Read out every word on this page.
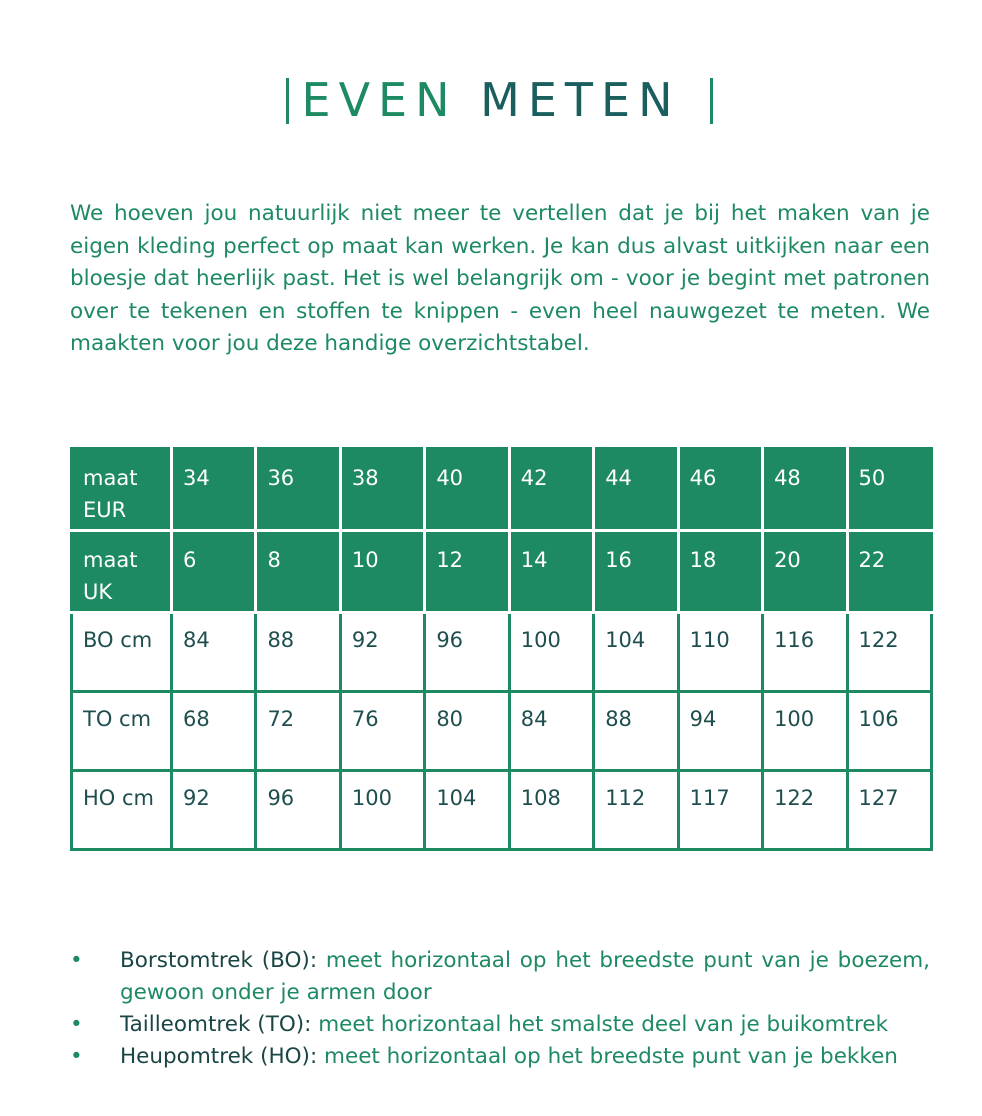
EVEN METEN

We hoeven jou natuurlijk niet meer te vertellen dat je bij het maken van je eigen kleding perfect op maat kan werken. Je kan dus alvast uitkijken naar een bloesje dat heerlijk past. Het is wel belangrijk om - voor je begint met patronen over te tekenen en stoffen te knippen - even heel nauwgezet te meten. We maakten voor jou deze handige overzichtstabel.

maat EUR	34	36	38	40	42	44	46	48	50
maat UK	6	8	10	12	14	16	18	20	22
BO cm	84	88	92	96	100	104	110	116	122
TO cm	68	72	76	80	84	88	94	100	106
HO cm	92	96	100	104	108	112	117	122	127
• Borstomtrek (BO): meet horizontaal op het breedste punt van je boezem, gewoon onder je armen door
• Tailleomtrek (TO): meet horizontaal het smalste deel van je buikomtrek
• Heupomtrek (HO): meet horizontaal op het breedste punt van je bekken
